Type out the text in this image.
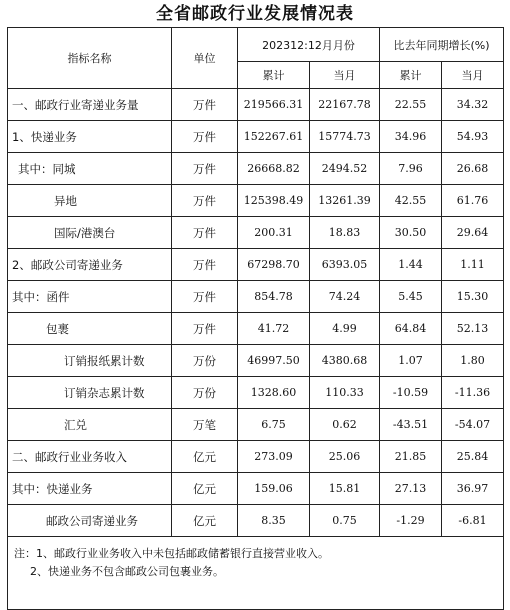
全省邮政行业发展情况表
指标名称	单位	202312:12月月份		比去年同期增长(%)	
		累计	当月	累计	当月
一、邮政行业寄递业务量	万件	219566.31	22167.78	22.55	34.32
1、快递业务	万件	152267.61	15774.73	34.96	54.93
其中：同城	万件	26668.82	2494.52	7.96	26.68
异地	万件	125398.49	13261.39	42.55	61.76
国际/港澳台	万件	200.31	18.83	30.50	29.64
2、邮政公司寄递业务	万件	67298.70	6393.05	1.44	1.11
其中：函件	万件	854.78	74.24	5.45	15.30
包裹	万件	41.72	4.99	64.84	52.13
订销报纸累计数	万份	46997.50	4380.68	1.07	1.80
订销杂志累计数	万份	1328.60	110.33	-10.59	-11.36
汇兑	万笔	6.75	0.62	-43.51	-54.07
二、邮政行业业务收入	亿元	273.09	25.06	21.85	25.84
其中：快递业务	亿元	159.06	15.81	27.13	36.97
邮政公司寄递业务	亿元	8.35	0.75	-1.29	-6.81

注：1、邮政行业业务收入中未包括邮政储蓄银行直接营业收入。
2、快递业务不包含邮政公司包裹业务。					
